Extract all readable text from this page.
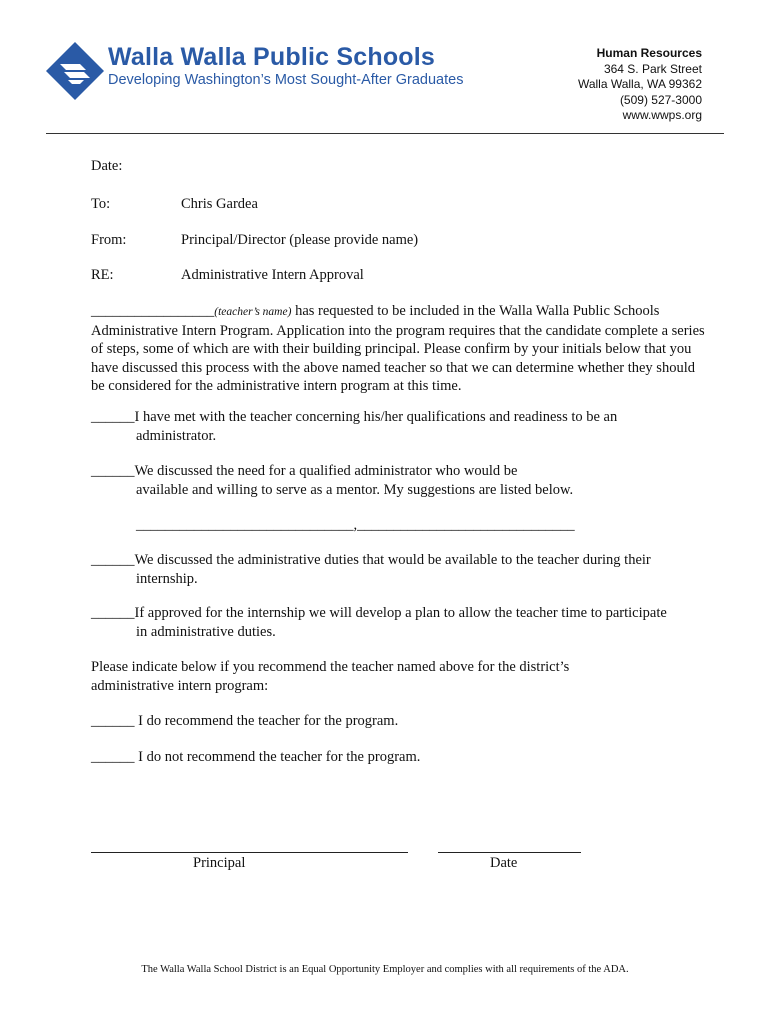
Walla Walla Public Schools
Developing Washington’s Most Sought-After Graduates
Human Resources
364 S. Park Street
Walla Walla, WA 99362
(509) 527-3000
www.wwps.org
Date:
To:	Chris Gardea
From:	Principal/Director (please provide name)
RE:	Administrative Intern Approval
_________________(teacher’s name) has requested to be included in the Walla Walla Public Schools
Administrative Intern Program. Application into the program requires that the candidate complete a series of steps, some of which are with their building principal. Please confirm by your initials below that you have discussed this process with the above named teacher so that we can determine whether they should be considered for the administrative intern program at this time.
______I have met with the teacher concerning his/her qualifications and readiness to be an
administrator.
______We discussed the need for a qualified administrator who would be
available and willing to serve as a mentor. My suggestions are listed below.
______________________________,______________________________
______We discussed the administrative duties that would be available to the teacher during their
internship.
______If approved for the internship we will develop a plan to allow the teacher time to participate
in administrative duties.
Please indicate below if you recommend the teacher named above for the district’s administrative intern program:
______ I do recommend the teacher for the program.
______ I do not recommend the teacher for the program.
Principal	Date
The Walla Walla School District is an Equal Opportunity Employer and complies with all requirements of the ADA.
